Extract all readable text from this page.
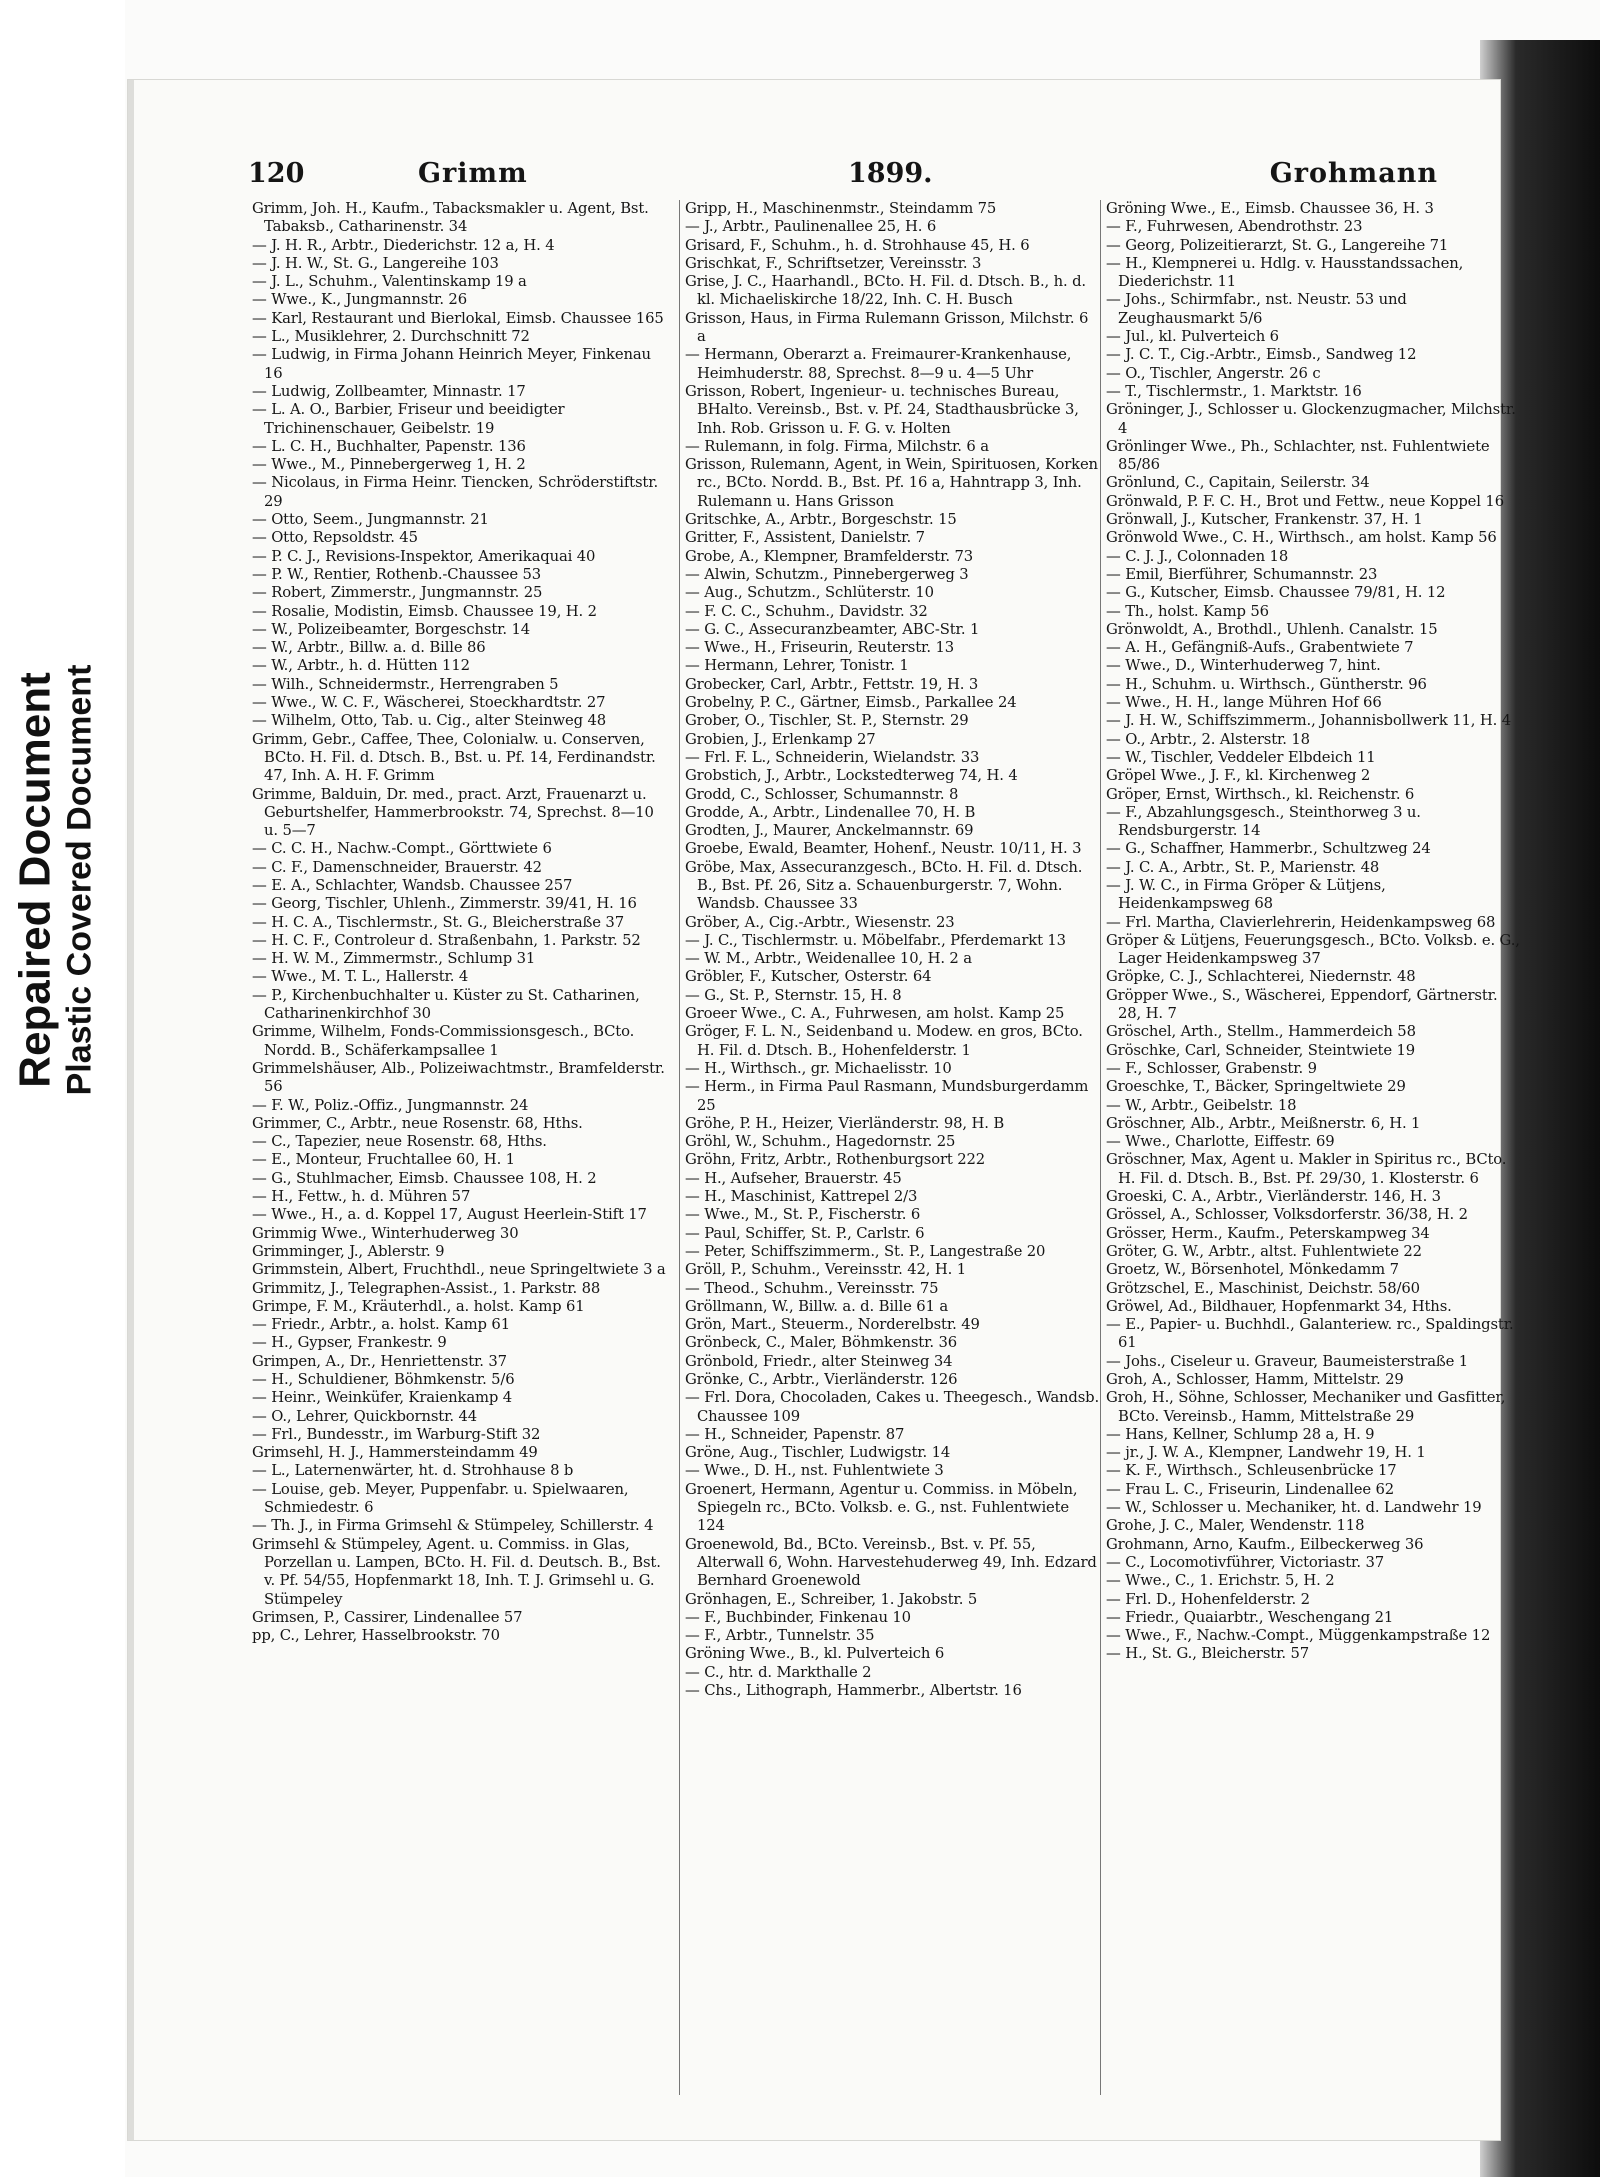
Repaired Document Plastic Covered Document
120	Grimm	1899.	Grohmann

Grimm, Joh. H., Kaufm., Tabacksmakler u. Agent, Bst. Tabaksb., Catharinenstr. 34

— J. H. R., Arbtr., Diederichstr. 12 a, H. 4

— J. H. W., St. G., Langereihe 103

— J. L., Schuhm., Valentinskamp 19 a

— Wwe., K., Jungmannstr. 26

— Karl, Restaurant und Bierlokal, Eimsb. Chaussee 165

— L., Musiklehrer, 2. Durchschnitt 72

— Ludwig, in Firma Johann Heinrich Meyer, Finkenau 16

— Ludwig, Zollbeamter, Minnastr. 17

— L. A. O., Barbier, Friseur und beeidigter Trichinenschauer, Geibelstr. 19

— L. C. H., Buchhalter, Papenstr. 136

— Wwe., M., Pinnebergerweg 1, H. 2

— Nicolaus, in Firma Heinr. Tiencken, Schröderstiftstr. 29

— Otto, Seem., Jungmannstr. 21

— Otto, Repsoldstr. 45

— P. C. J., Revisions-Inspektor, Amerikaquai 40

— P. W., Rentier, Rothenb.-Chaussee 53

— Robert, Zimmerstr., Jungmannstr. 25

— Rosalie, Modistin, Eimsb. Chaussee 19, H. 2

— W., Polizeibeamter, Borgeschstr. 14

— W., Arbtr., Billw. a. d. Bille 86

— W., Arbtr., h. d. Hütten 112

— Wilh., Schneidermstr., Herrengraben 5

— Wwe., W. C. F., Wäscherei, Stoeckhardtstr. 27

— Wilhelm, Otto, Tab. u. Cig., alter Steinweg 48

Grimm, Gebr., Caffee, Thee, Colonialw. u. Conserven, BCto. H. Fil. d. Dtsch. B., Bst. u. Pf. 14, Ferdinandstr. 47, Inh. A. H. F. Grimm

Grimme, Balduin, Dr. med., pract. Arzt, Frauenarzt u. Geburtshelfer, Hammerbrookstr. 74, Sprechst. 8—10 u. 5—7

— C. C. H., Nachw.-Compt., Görttwiete 6

— C. F., Damenschneider, Brauerstr. 42

— E. A., Schlachter, Wandsb. Chaussee 257

— Georg, Tischler, Uhlenh., Zimmerstr. 39/41, H. 16

— H. C. A., Tischlermstr., St. G., Bleicherstraße 37

— H. C. F., Controleur d. Straßenbahn, 1. Parkstr. 52

— H. W. M., Zimmermstr., Schlump 31

— Wwe., M. T. L., Hallerstr. 4

— P., Kirchenbuchhalter u. Küster zu St. Catharinen, Catharinenkirchhof 30

Grimme, Wilhelm, Fonds-Commissionsgesch., BCto. Nordd. B., Schäferkampsallee 1

Grimmelshäuser, Alb., Polizeiwachtmstr., Bramfelderstr. 56

— F. W., Poliz.-Offiz., Jungmannstr. 24

Grimmer, C., Arbtr., neue Rosenstr. 68, Hths.

— C., Tapezier, neue Rosenstr. 68, Hths.

— E., Monteur, Fruchtallee 60, H. 1

— G., Stuhlmacher, Eimsb. Chaussee 108, H. 2

— H., Fettw., h. d. Mühren 57

— Wwe., H., a. d. Koppel 17, August Heerlein-Stift 17

Grimmig Wwe., Winterhuderweg 30

Grimminger, J., Ablerstr. 9

Grimmstein, Albert, Fruchthdl., neue Springeltwiete 3 a

Grimmitz, J., Telegraphen-Assist., 1. Parkstr. 88

Grimpe, F. M., Kräuterhdl., a. holst. Kamp 61

— Friedr., Arbtr., a. holst. Kamp 61

— H., Gypser, Frankestr. 9

Grimpen, A., Dr., Henriettenstr. 37

— H., Schuldiener, Böhmkenstr. 5/6

— Heinr., Weinküfer, Kraienkamp 4

— O., Lehrer, Quickbornstr. 44

— Frl., Bundesstr., im Warburg-Stift 32

Grimsehl, H. J., Hammersteindamm 49

— L., Laternenwärter, ht. d. Strohhause 8 b

— Louise, geb. Meyer, Puppenfabr. u. Spielwaaren, Schmiedestr. 6

— Th. J., in Firma Grimsehl & Stümpeley, Schillerstr. 4

Grimsehl & Stümpeley, Agent. u. Commiss. in Glas, Porzellan u. Lampen, BCto. H. Fil. d. Deutsch. B., Bst. v. Pf. 54/55, Hopfenmarkt 18, Inh. T. J. Grimsehl u. G. Stümpeley

Grimsen, P., Cassirer, Lindenallee 57

pp, C., Lehrer, Hasselbrookstr. 70

Gripp, H., Maschinenmstr., Steindamm 75

— J., Arbtr., Paulinenallee 25, H. 6

Grisard, F., Schuhm., h. d. Strohhause 45, H. 6

Grischkat, F., Schriftsetzer, Vereinsstr. 3

Grise, J. C., Haarhandl., BCto. H. Fil. d. Dtsch. B., h. d. kl. Michaeliskirche 18/22, Inh. C. H. Busch

Grisson, Haus, in Firma Rulemann Grisson, Milchstr. 6 a

— Hermann, Oberarzt a. Freimaurer-Krankenhause, Heimhuderstr. 88, Sprechst. 8—9 u. 4—5 Uhr

Grisson, Robert, Ingenieur- u. technisches Bureau, BHalto. Vereinsb., Bst. v. Pf. 24, Stadthausbrücke 3, Inh. Rob. Grisson u. F. G. v. Holten

— Rulemann, in folg. Firma, Milchstr. 6 a

Grisson, Rulemann, Agent, in Wein, Spirituosen, Korken rc., BCto. Nordd. B., Bst. Pf. 16 a, Hahntrapp 3, Inh. Rulemann u. Hans Grisson

Gritschke, A., Arbtr., Borgeschstr. 15

Gritter, F., Assistent, Danielstr. 7

Grobe, A., Klempner, Bramfelderstr. 73

— Alwin, Schutzm., Pinnebergerweg 3

— Aug., Schutzm., Schlüterstr. 10

— F. C. C., Schuhm., Davidstr. 32

— G. C., Assecuranzbeamter, ABC-Str. 1

— Wwe., H., Friseurin, Reuterstr. 13

— Hermann, Lehrer, Tonistr. 1

Grobecker, Carl, Arbtr., Fettstr. 19, H. 3

Grobelny, P. C., Gärtner, Eimsb., Parkallee 24

Grober, O., Tischler, St. P., Sternstr. 29

Grobien, J., Erlenkamp 27

— Frl. F. L., Schneiderin, Wielandstr. 33

Grobstich, J., Arbtr., Lockstedterweg 74, H. 4

Grodd, C., Schlosser, Schumannstr. 8

Grodde, A., Arbtr., Lindenallee 70, H. B

Grodten, J., Maurer, Anckelmannstr. 69

Groebe, Ewald, Beamter, Hohenf., Neustr. 10/11, H. 3

Gröbe, Max, Assecuranzgesch., BCto. H. Fil. d. Dtsch. B., Bst. Pf. 26, Sitz a. Schauenburgerstr. 7, Wohn. Wandsb. Chaussee 33

Gröber, A., Cig.-Arbtr., Wiesenstr. 23

— J. C., Tischlermstr. u. Möbelfabr., Pferdemarkt 13

— W. M., Arbtr., Weidenallee 10, H. 2 a

Gröbler, F., Kutscher, Osterstr. 64

— G., St. P., Sternstr. 15, H. 8

Groeer Wwe., C. A., Fuhrwesen, am holst. Kamp 25

Gröger, F. L. N., Seidenband u. Modew. en gros, BCto. H. Fil. d. Dtsch. B., Hohenfelderstr. 1

— H., Wirthsch., gr. Michaelisstr. 10

— Herm., in Firma Paul Rasmann, Mundsburgerdamm 25

Gröhe, P. H., Heizer, Vierländerstr. 98, H. B

Gröhl, W., Schuhm., Hagedornstr. 25

Gröhn, Fritz, Arbtr., Rothenburgsort 222

— H., Aufseher, Brauerstr. 45

— H., Maschinist, Kattrepel 2/3

— Wwe., M., St. P., Fischerstr. 6

— Paul, Schiffer, St. P., Carlstr. 6

— Peter, Schiffszimmerm., St. P., Langestraße 20

Gröll, P., Schuhm., Vereinsstr. 42, H. 1

— Theod., Schuhm., Vereinsstr. 75

Gröllmann, W., Billw. a. d. Bille 61 a

Grön, Mart., Steuerm., Norderelbstr. 49

Grönbeck, C., Maler, Böhmkenstr. 36

Grönbold, Friedr., alter Steinweg 34

Grönke, C., Arbtr., Vierländerstr. 126

— Frl. Dora, Chocoladen, Cakes u. Theegesch., Wandsb. Chaussee 109

— H., Schneider, Papenstr. 87

Gröne, Aug., Tischler, Ludwigstr. 14

— Wwe., D. H., nst. Fuhlentwiete 3

Groenert, Hermann, Agentur u. Commiss. in Möbeln, Spiegeln rc., BCto. Volksb. e. G., nst. Fuhlentwiete 124

Groenewold, Bd., BCto. Vereinsb., Bst. v. Pf. 55, Alterwall 6, Wohn. Harvestehuderweg 49, Inh. Edzard Bernhard Groenewold

Grönhagen, E., Schreiber, 1. Jakobstr. 5

— F., Buchbinder, Finkenau 10

— F., Arbtr., Tunnelstr. 35

Gröning Wwe., B., kl. Pulverteich 6

— C., htr. d. Markthalle 2

— Chs., Lithograph, Hammerbr., Albertstr. 16

Gröning Wwe., E., Eimsb. Chaussee 36, H. 3

— F., Fuhrwesen, Abendrothstr. 23

— Georg, Polizeitierarzt, St. G., Langereihe 71

— H., Klempnerei u. Hdlg. v. Hausstandssachen, Diederichstr. 11

— Johs., Schirmfabr., nst. Neustr. 53 und Zeughausmarkt 5/6

— Jul., kl. Pulverteich 6

— J. C. T., Cig.-Arbtr., Eimsb., Sandweg 12

— O., Tischler, Angerstr. 26 c

— T., Tischlermstr., 1. Marktstr. 16

Gröninger, J., Schlosser u. Glockenzugmacher, Milchstr. 4

Grönlinger Wwe., Ph., Schlachter, nst. Fuhlentwiete 85/86

Grönlund, C., Capitain, Seilerstr. 34

Grönwald, P. F. C. H., Brot und Fettw., neue Koppel 16

Grönwall, J., Kutscher, Frankenstr. 37, H. 1

Grönwold Wwe., C. H., Wirthsch., am holst. Kamp 56

— C. J. J., Colonnaden 18

— Emil, Bierführer, Schumannstr. 23

— G., Kutscher, Eimsb. Chaussee 79/81, H. 12

— Th., holst. Kamp 56

Grönwoldt, A., Brothdl., Uhlenh. Canalstr. 15

— A. H., Gefängniß-Aufs., Grabentwiete 7

— Wwe., D., Winterhuderweg 7, hint.

— H., Schuhm. u. Wirthsch., Güntherstr. 96

— Wwe., H. H., lange Mühren Hof 66

— J. H. W., Schiffszimmerm., Johannisbollwerk 11, H. 4

— O., Arbtr., 2. Alsterstr. 18

— W., Tischler, Veddeler Elbdeich 11

Gröpel Wwe., J. F., kl. Kirchenweg 2

Gröper, Ernst, Wirthsch., kl. Reichenstr. 6

— F., Abzahlungsgesch., Steinthorweg 3 u. Rendsburgerstr. 14

— G., Schaffner, Hammerbr., Schultzweg 24

— J. C. A., Arbtr., St. P., Marienstr. 48

— J. W. C., in Firma Gröper & Lütjens, Heidenkampsweg 68

— Frl. Martha, Clavierlehrerin, Heidenkampsweg 68

Gröper & Lütjens, Feuerungsgesch., BCto. Volksb. e. G., Lager Heidenkampsweg 37

Gröpke, C. J., Schlachterei, Niedernstr. 48

Gröpper Wwe., S., Wäscherei, Eppendorf, Gärtnerstr. 28, H. 7

Gröschel, Arth., Stellm., Hammerdeich 58

Gröschke, Carl, Schneider, Steintwiete 19

— F., Schlosser, Grabenstr. 9

Groeschke, T., Bäcker, Springeltwiete 29

— W., Arbtr., Geibelstr. 18

Gröschner, Alb., Arbtr., Meißnerstr. 6, H. 1

— Wwe., Charlotte, Eiffestr. 69

Gröschner, Max, Agent u. Makler in Spiritus rc., BCto. H. Fil. d. Dtsch. B., Bst. Pf. 29/30, 1. Klosterstr. 6

Groeski, C. A., Arbtr., Vierländerstr. 146, H. 3

Grössel, A., Schlosser, Volksdorferstr. 36/38, H. 2

Grösser, Herm., Kaufm., Peterskampweg 34

Gröter, G. W., Arbtr., altst. Fuhlentwiete 22

Groetz, W., Börsenhotel, Mönkedamm 7

Grötzschel, E., Maschinist, Deichstr. 58/60

Gröwel, Ad., Bildhauer, Hopfenmarkt 34, Hths.

— E., Papier- u. Buchhdl., Galanteriew. rc., Spaldingstr. 61

— Johs., Ciseleur u. Graveur, Baumeisterstraße 1

Groh, A., Schlosser, Hamm, Mittelstr. 29

Groh, H., Söhne, Schlosser, Mechaniker und Gasfitter, BCto. Vereinsb., Hamm, Mittelstraße 29

— Hans, Kellner, Schlump 28 a, H. 9

— jr., J. W. A., Klempner, Landwehr 19, H. 1

— K. F., Wirthsch., Schleusenbrücke 17

— Frau L. C., Friseurin, Lindenallee 62

— W., Schlosser u. Mechaniker, ht. d. Landwehr 19

Grohe, J. C., Maler, Wendenstr. 118

Grohmann, Arno, Kaufm., Eilbeckerweg 36

— C., Locomotivführer, Victoriastr. 37

— Wwe., C., 1. Erichstr. 5, H. 2

— Frl. D., Hohenfelderstr. 2

— Friedr., Quaiarbtr., Weschengang 21

— Wwe., F., Nachw.-Compt., Müggenkampstraße 12

— H., St. G., Bleicherstr. 57
